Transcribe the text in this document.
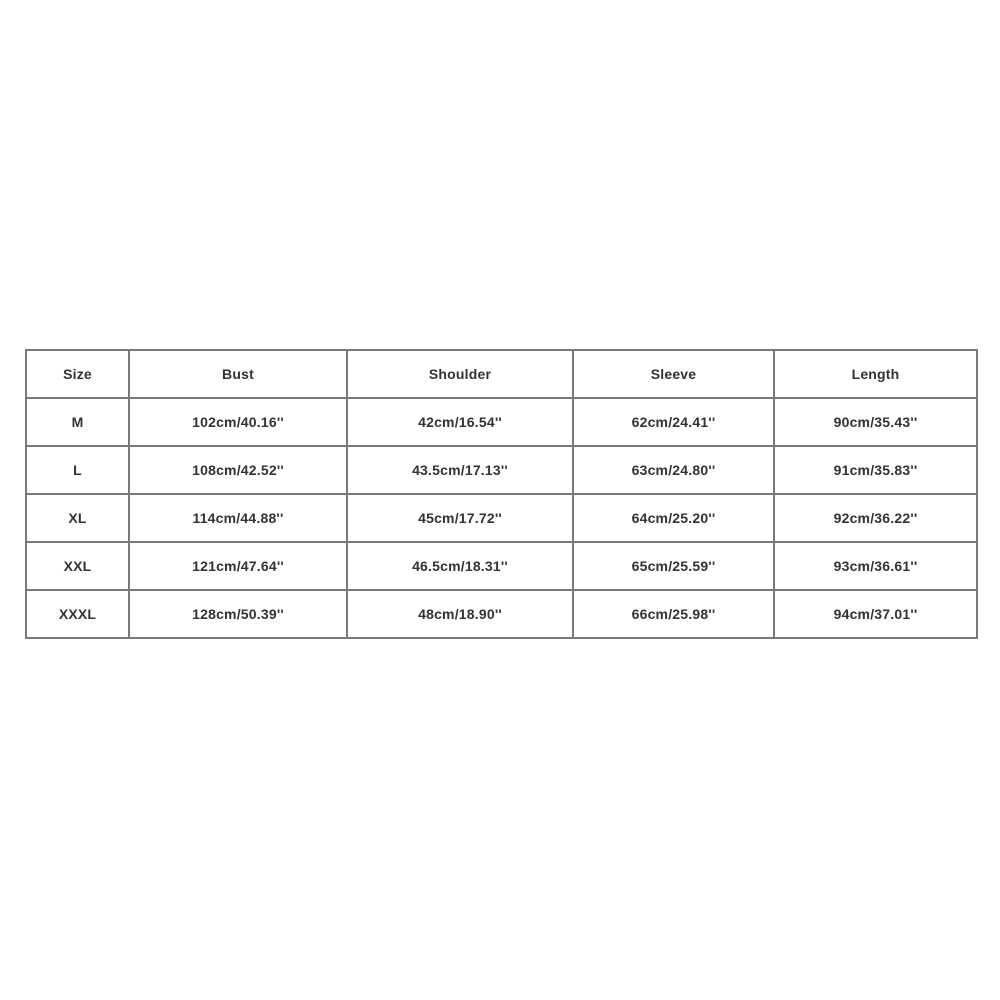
Size	Bust	Shoulder	Sleeve	Length
M	102cm/40.16''	42cm/16.54''	62cm/24.41''	90cm/35.43''
L	108cm/42.52''	43.5cm/17.13''	63cm/24.80''	91cm/35.83''
XL	114cm/44.88''	45cm/17.72''	64cm/25.20''	92cm/36.22''
XXL	121cm/47.64''	46.5cm/18.31''	65cm/25.59''	93cm/36.61''
XXXL	128cm/50.39''	48cm/18.90''	66cm/25.98''	94cm/37.01''
